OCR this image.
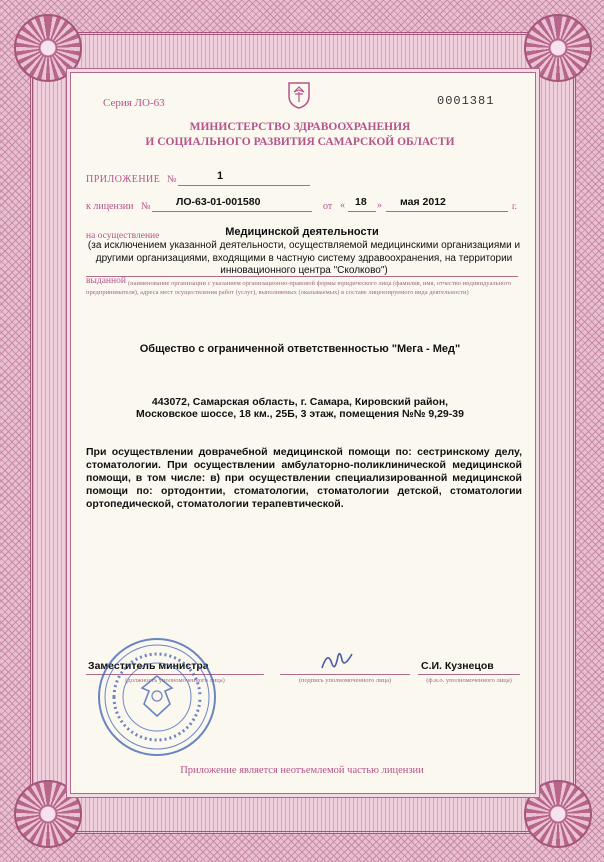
Серия ЛО-63	0001381
МИНИСТЕРСТВО ЗДРАВООХРАНЕНИЯ
И СОЦИАЛЬНОГО РАЗВИТИЯ САМАРСКОЙ ОБЛАСТИ
ПРИЛОЖЕНИЕ №	1
к лицензии № ЛО-63-01-001580	от « 18 » мая 2012	г.
на осуществление	Медицинской деятельности
(за исключением указанной деятельности, осуществляемой медицинскими организациями и другими организациями, входящими в частную систему здравоохранения, на территории инновационного центра "Сколково")
выданной (наименование организации с указанием организационно-правовой формы юридического лица (фамилия, имя, отчество индивидуального предпринимателя), адреса мест осуществления работ (услуг), выполняемых (оказываемых) в составе лицензируемого вида деятельности)
Общество с ограниченной ответственностью "Мега - Мед"
443072, Самарская область, г. Самара, Кировский район,
Московское шоссе, 18 км., 25Б, 3 этаж, помещения №№ 9,29-39
При осуществлении доврачебной медицинской помощи по: сестринскому делу, стоматологии. При осуществлении амбулаторно-поликлинической медицинской помощи, в том числе: в) при осуществлении специализированной медицинской помощи по: ортодонтии, стоматологии, стоматологии детской, стоматологии ортопедической, стоматологии терапевтической.
Заместитель министра
(должность уполномоченного лица)	(подпись уполномоченного лица)
С.И. Кузнецов
(ф.и.о. уполномоченного лица)
Приложение является неотъемлемой частью лицензии
